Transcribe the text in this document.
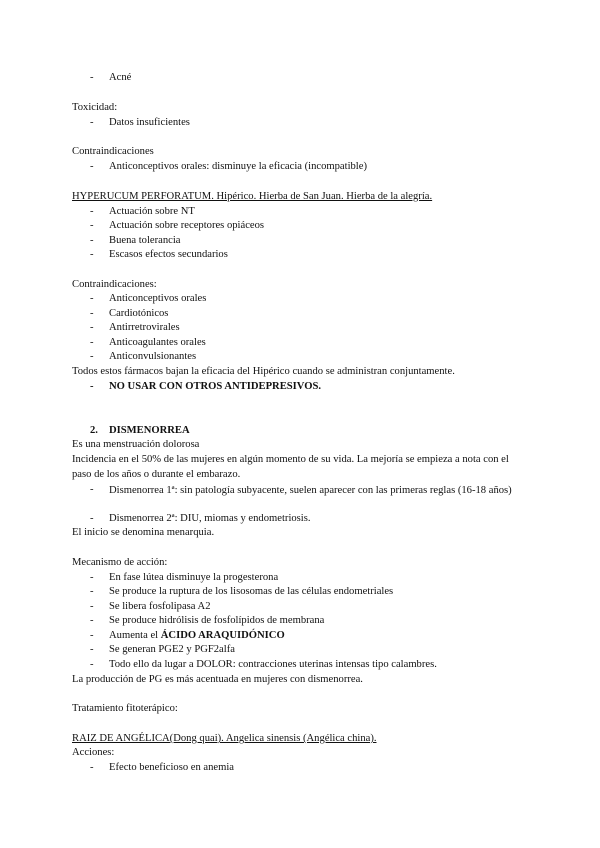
-	Acné
Toxicidad:
-	Datos insuficientes
Contraindicaciones
-	Anticonceptivos orales: disminuye la eficacia (incompatible)
HYPERUCUM PERFORATUM. Hipérico. Hierba de San Juan. Hierba de la alegría.
-	Actuación sobre NT
-	Actuación sobre receptores opiáceos
-	Buena tolerancia
-	Escasos efectos secundarios
Contraindicaciones:
-	Anticonceptivos orales
-	Cardiotónicos
-	Antirretrovirales
-	Anticoagulantes orales
-	Anticonvulsionantes
Todos estos fármacos bajan la eficacia del Hipérico cuando se administran conjuntamente.
-	NO USAR CON OTROS ANTIDEPRESIVOS.
2. DISMENORREA
Es una menstruación dolorosa
Incidencia en el 50% de las mujeres en algún momento de su vida. La mejoría se empieza a nota con el paso de los años o durante el embarazo.
-	Dismenorrea 1ª: sin patología subyacente, suelen aparecer con las primeras reglas (16-18 años)
-	Dismenorrea 2ª: DIU, miomas y endometriosis.
El inicio se denomina menarquia.
Mecanismo de acción:
-	En fase lútea disminuye la progesterona
-	Se produce la ruptura de los lisosomas de las células endometriales
-	Se libera fosfolipasa A2
-	Se produce hidrólisis de fosfolípidos de membrana
-	Aumenta el ÁCIDO ARAQUIDÓNICO
-	Se generan PGE2 y PGF2alfa
-	Todo ello da lugar a DOLOR: contracciones uterinas intensas tipo calambres.
La producción de PG es más acentuada en mujeres con dismenorrea.
Tratamiento fitoterápico:
RAIZ DE ANGÉLICA(Dong quai). Angelica sinensis (Angélica china).
Acciones:
-	Efecto beneficioso en anemia
